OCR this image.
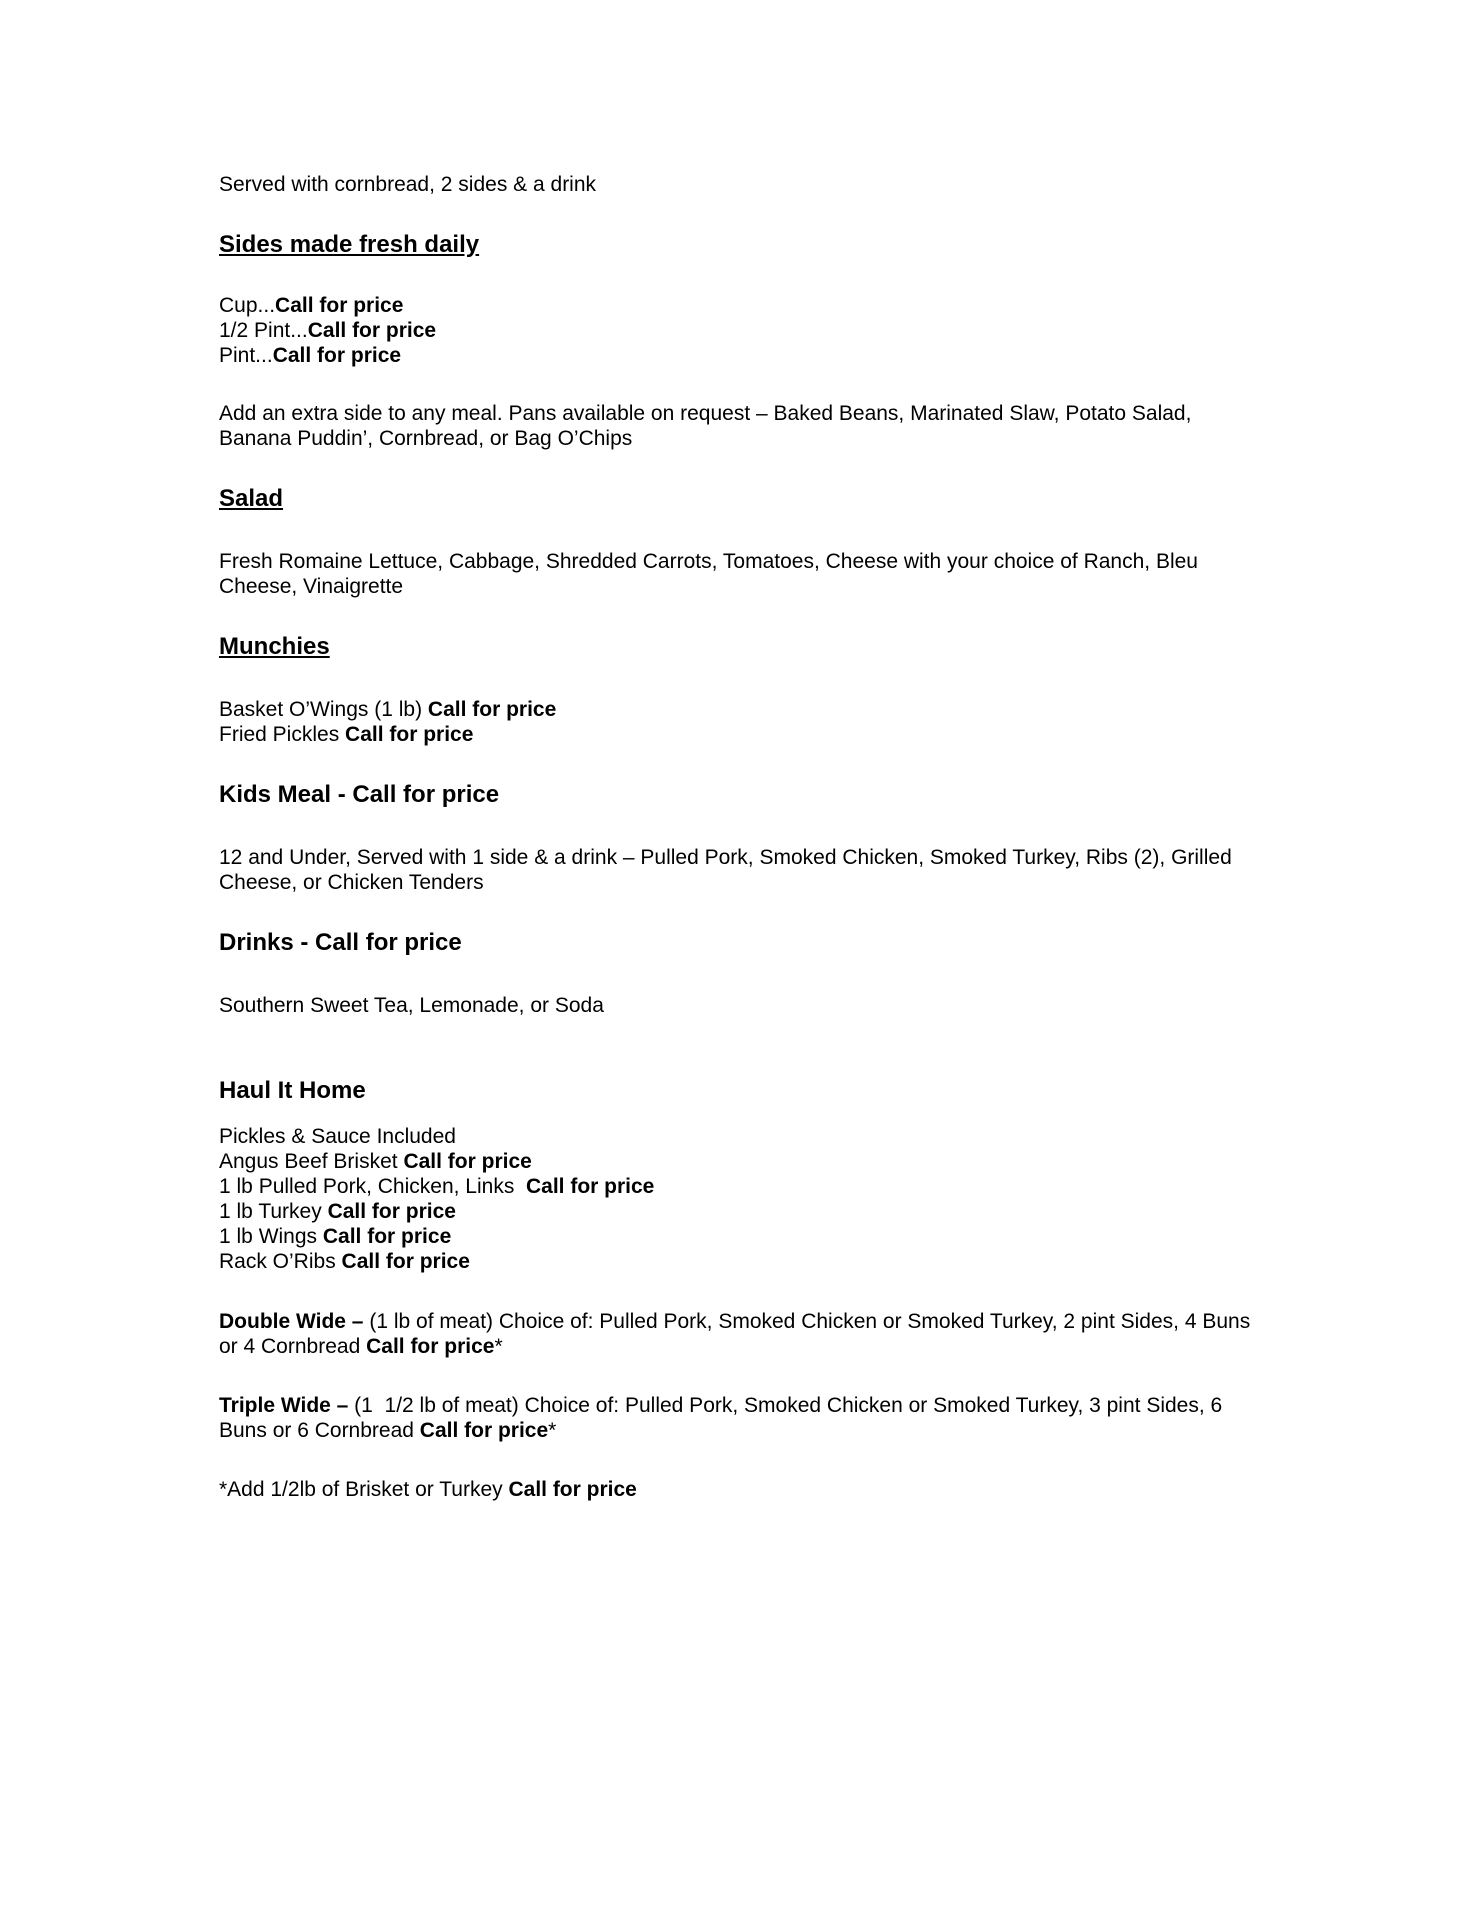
Served with cornbread, 2 sides & a drink

Sides made fresh daily

Cup...Call for price

1/2 Pint...Call for price

Pint...Call for price

Add an extra side to any meal. Pans available on request – Baked Beans, Marinated Slaw, Potato Salad, Banana Puddin’, Cornbread, or Bag O’Chips

Salad

Fresh Romaine Lettuce, Cabbage, Shredded Carrots, Tomatoes, Cheese with your choice of Ranch, Bleu Cheese, Vinaigrette

Munchies

Basket O’Wings (1 lb) Call for price

Fried Pickles Call for price

Kids Meal - Call for price

12 and Under, Served with 1 side & a drink – Pulled Pork, Smoked Chicken, Smoked Turkey, Ribs (2), Grilled Cheese, or Chicken Tenders

Drinks - Call for price

Southern Sweet Tea, Lemonade, or Soda

Haul It Home

Pickles & Sauce Included

Angus Beef Brisket Call for price

1 lb Pulled Pork, Chicken, Links  Call for price

1 lb Turkey Call for price

1 lb Wings Call for price

Rack O’Ribs Call for price

Double Wide – (1 lb of meat) Choice of: Pulled Pork, Smoked Chicken or Smoked Turkey, 2 pint Sides, 4 Buns or 4 Cornbread Call for price*

Triple Wide – (1  1/2 lb of meat) Choice of: Pulled Pork, Smoked Chicken or Smoked Turkey, 3 pint Sides, 6 Buns or 6 Cornbread Call for price*

*Add 1/2lb of Brisket or Turkey Call for price
